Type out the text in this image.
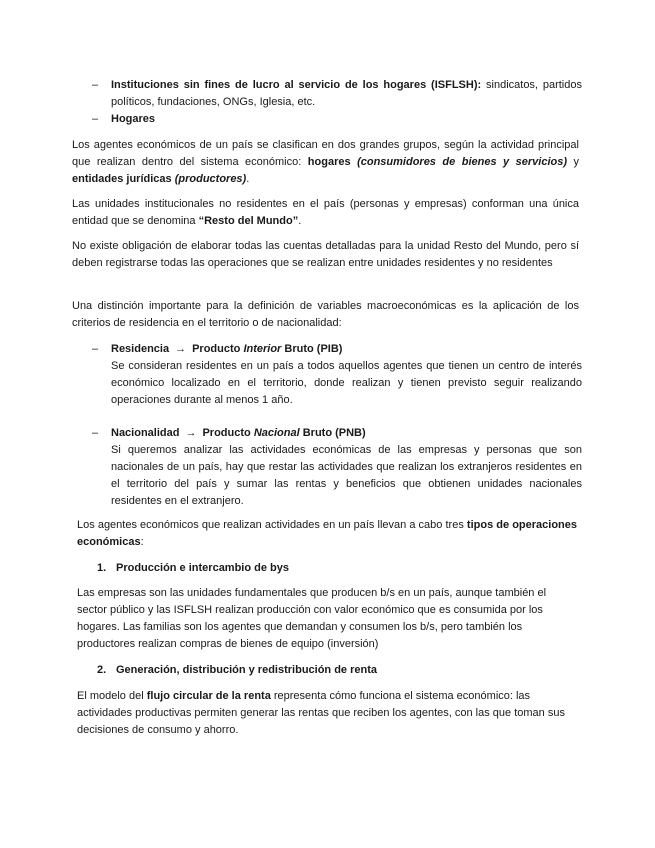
–	Instituciones sin fines de lucro al servicio de los hogares (ISFLSH): sindicatos, partidos políticos, fundaciones, ONGs, Iglesia, etc.
–	Hogares
Los agentes económicos de un país se clasifican en dos grandes grupos, según la actividad principal que realizan dentro del sistema económico: hogares (consumidores de bienes y servicios) y entidades jurídicas (productores).
Las unidades institucionales no residentes en el país (personas y empresas) conforman una única entidad que se denomina “Resto del Mundo”.
No existe obligación de elaborar todas las cuentas detalladas para la unidad Resto del Mundo, pero sí deben registrarse todas las operaciones que se realizan entre unidades residentes y no residentes
Una distinción importante para la definición de variables macroeconómicas es la aplicación de los criterios de residencia en el territorio o de nacionalidad:
–	Residencia → Producto Interior Bruto (PIB)
Se consideran residentes en un país a todos aquellos agentes que tienen un centro de interés económico localizado en el territorio, donde realizan y tienen previsto seguir realizando operaciones durante al menos 1 año.
–	Nacionalidad → Producto Nacional Bruto (PNB)
Si queremos analizar las actividades económicas de las empresas y personas que son nacionales de un país, hay que restar las actividades que realizan los extranjeros residentes en el territorio del país y sumar las rentas y beneficios que obtienen unidades nacionales residentes en el extranjero.
Los agentes económicos que realizan actividades en un país llevan a cabo tres tipos de operaciones económicas:
1. Producción e intercambio de bys
Las empresas son las unidades fundamentales que producen b/s en un país, aunque también el sector público y las ISFLSH realizan producción con valor económico que es consumida por los hogares. Las familias son los agentes que demandan y consumen los b/s, pero también los productores realizan compras de bienes de equipo (inversión)
2. Generación, distribución y redistribución de renta
El modelo del flujo circular de la renta representa cómo funciona el sistema económico: las actividades productivas permiten generar las rentas que reciben los agentes, con las que toman sus decisiones de consumo y ahorro.
